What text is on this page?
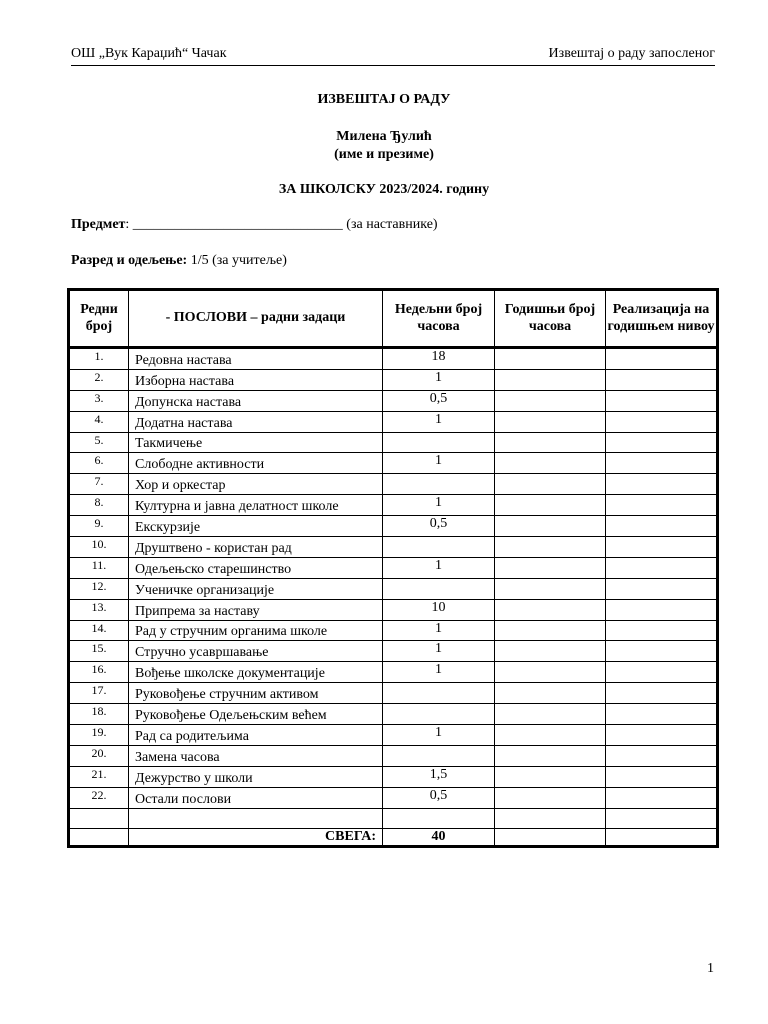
ОШ „Вук Караџић“ Чачак	Извештај о раду запосленог
ИЗВЕШТАЈ О РАДУ
Милена Ђулић
(име и презиме)
ЗА ШКОЛСКУ 2023/2024. годину
Предмет: ______________________________ (за наставнике)
Разред и одељење: 1/5 (за учитеље)
Редни број	- ПОСЛОВИ – радни задаци	Недељни број часова	Годишњи број часова	Реализација на годишњем нивоу
1.	Редовна настава	18		
2.	Изборна настава	1		
3.	Допунска настава	0,5		
4.	Додатна настава	1		
5.	Такмичење			
6.	Слободне активности	1		
7.	Хор и оркестар			
8.	Културна и јавна делатност школе	1		
9.	Екскурзије	0,5		
10.	Друштвено - користан рад			
11.	Одељењско старешинство	1		
12.	Ученичке организације			
13.	Припрема за наставу	10		
14.	Рад у стручним органима школе	1		
15.	Стручно усавршавање	1		
16.	Вођење школске документације	1		
17.	Руковођење стручним активом			
18.	Руковођење Одељењским већем			
19.	Рад са родитељима	1		
20.	Замена часова			
21.	Дежурство у школи	1,5		
22.	Остали послови	0,5		

	СВЕГА:	40		
1
